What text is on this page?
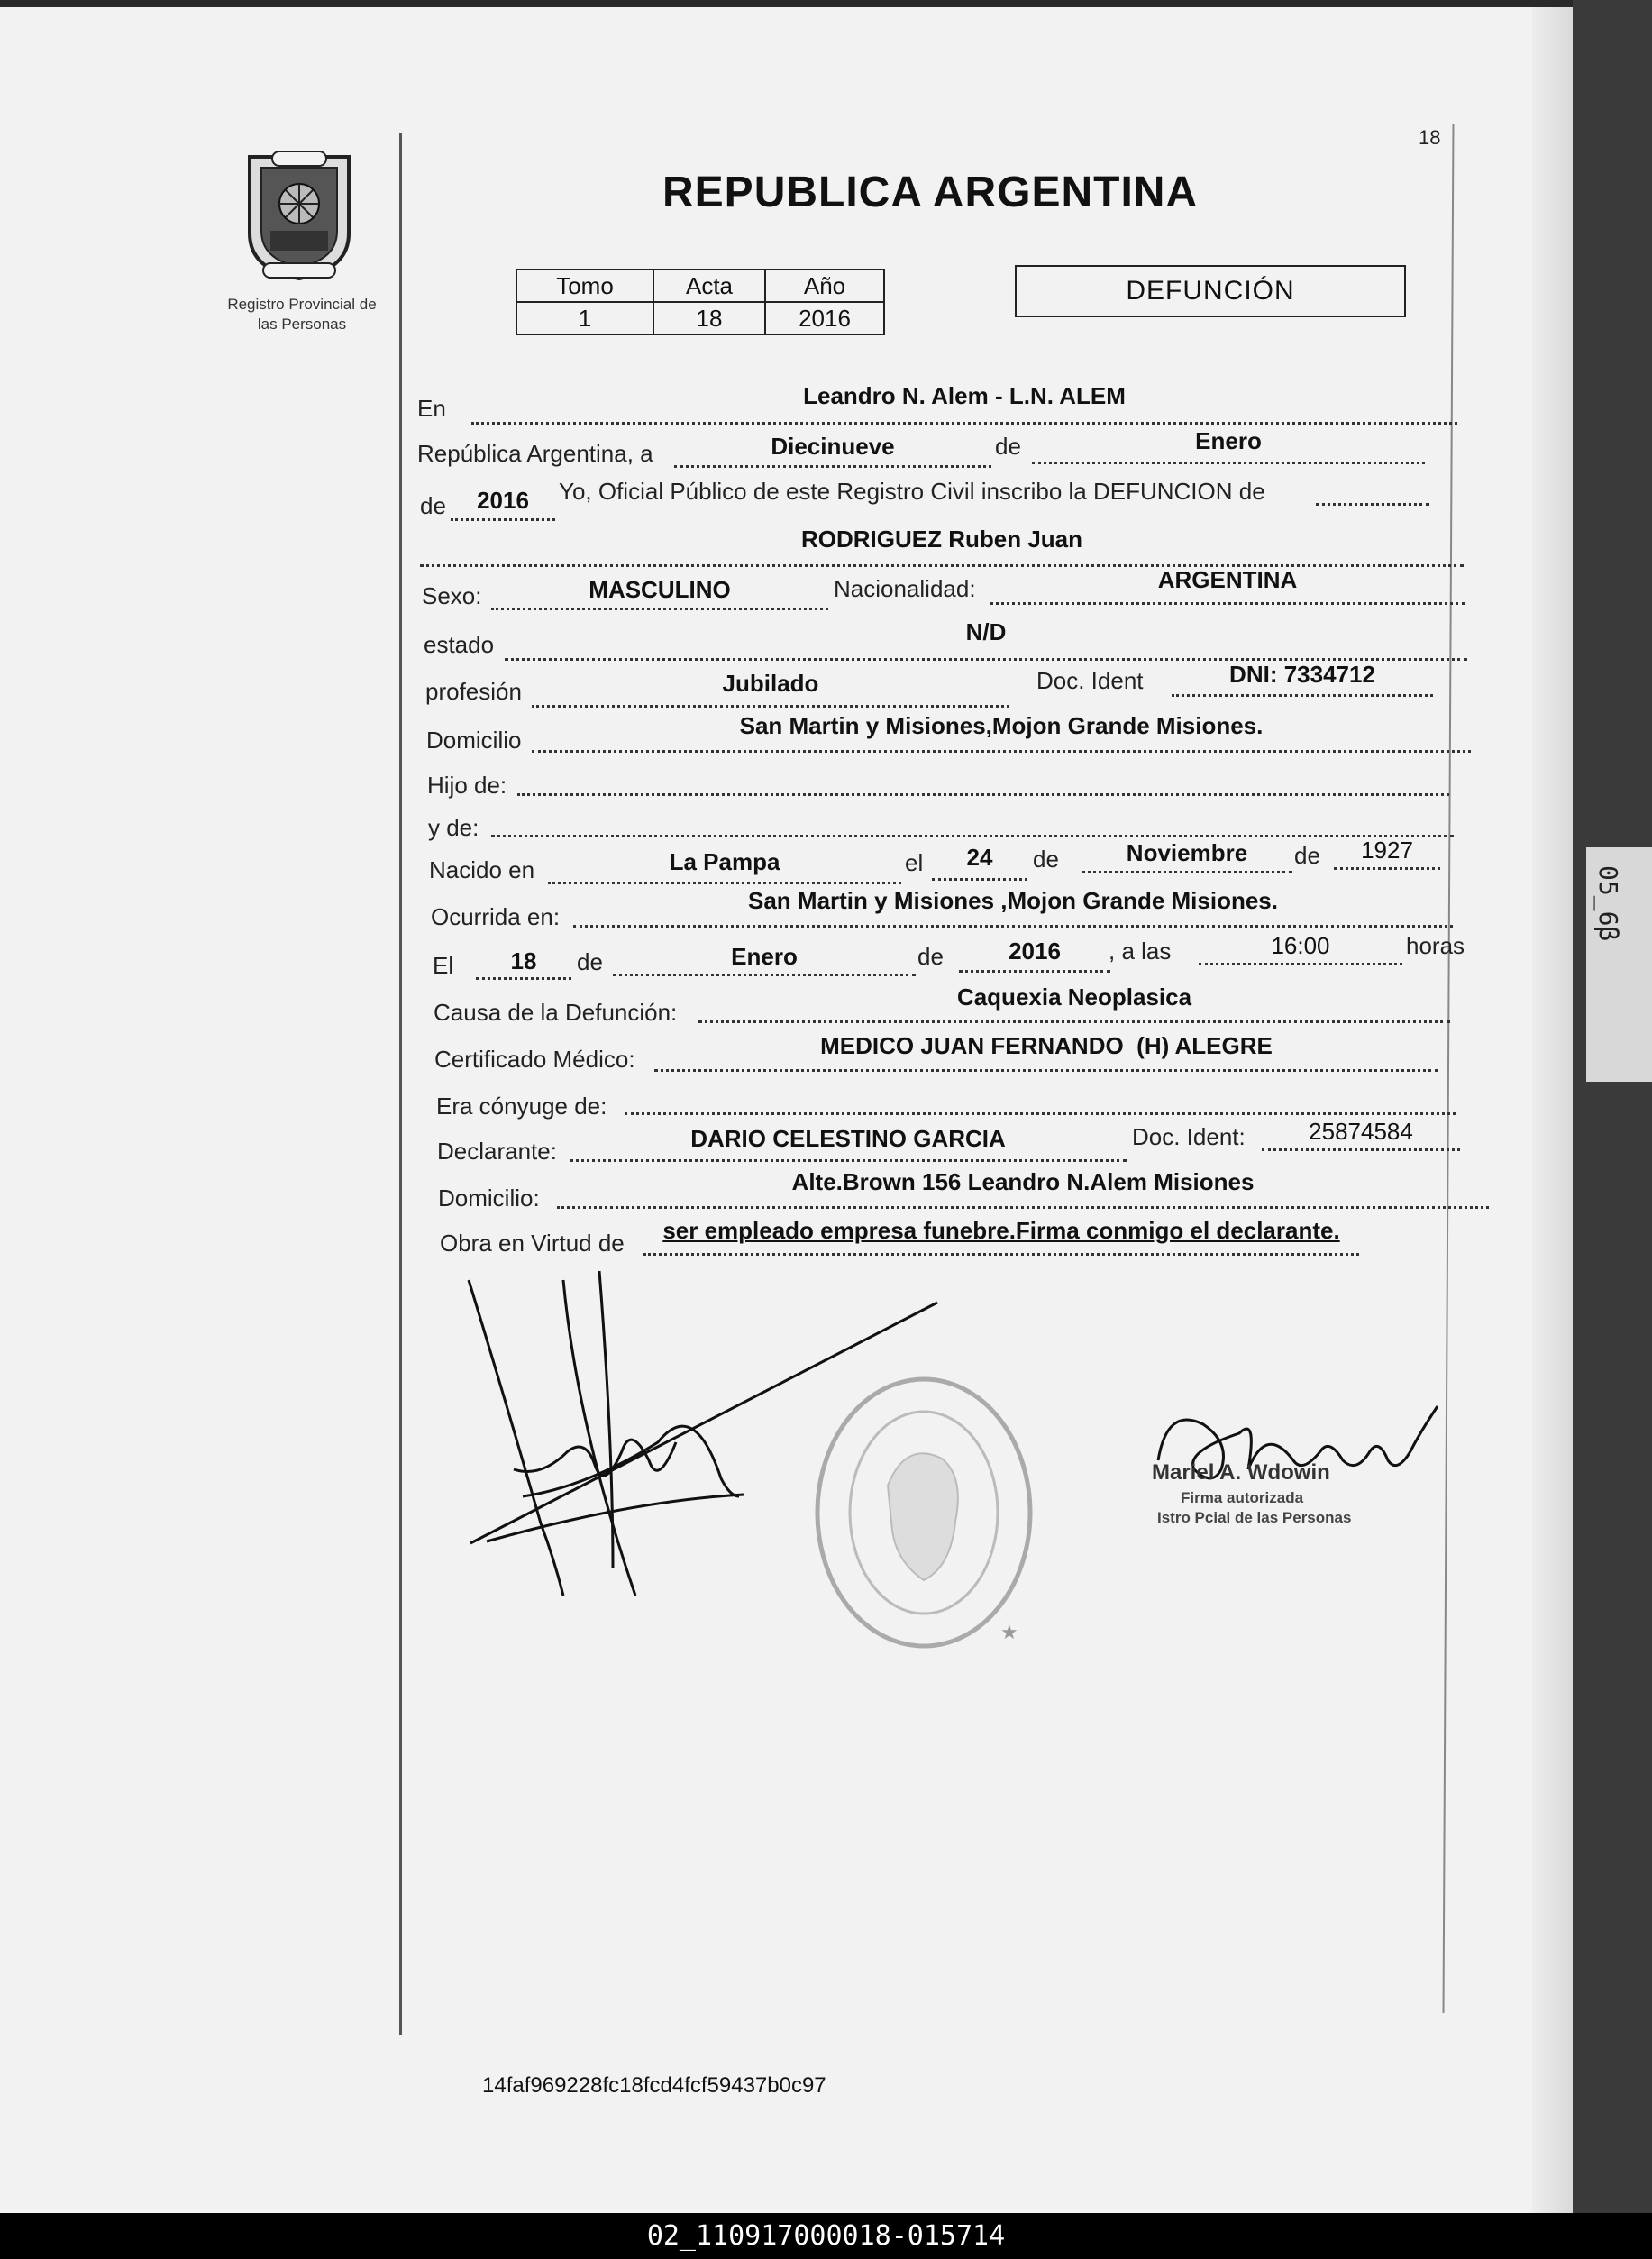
05_6β
18
Registro Provincial de
las Personas
REPUBLICA ARGENTINA
Tomo	Acta	Año
1	18	2016
DEFUNCIÓN
En	Leandro N. Alem - L.N. ALEM
República Argentina, a	Diecinueve	de	Enero
de	2016	Yo, Oficial Público de este Registro Civil inscribo la DEFUNCION de
RODRIGUEZ Ruben Juan
Sexo:	MASCULINO	Nacionalidad:	ARGENTINA
estado	N/D
profesión	Jubilado	Doc. Ident	DNI: 7334712
Domicilio
San Martin y Misiones,Mojon Grande Misiones.
Hijo de:
y de:
Nacido en	La Pampa	el	24	de	Noviembre	de	1927
Ocurrida en:
San Martin y Misiones ,Mojon Grande Misiones.
El	18	de	Enero	de	2016	, a las	16:00	horas
Causa de la Defunción:
Caquexia Neoplasica
Certificado Médico:	MEDICO JUAN FERNANDO_(H) ALEGRE
Era cónyuge de:
Declarante:	DARIO CELESTINO GARCIA	Doc. Ident:	25874584
Domicilio:
Alte.Brown 156 Leandro N.Alem Misiones
Obra en Virtud de	ser empleado empresa funebre.Firma conmigo el declarante.
★
Mariel A. Wdowin
Firma autorizada
Istro Pcial de las Personas
14faf969228fc18fcd4fcf59437b0c97
02_110917000018-015714
